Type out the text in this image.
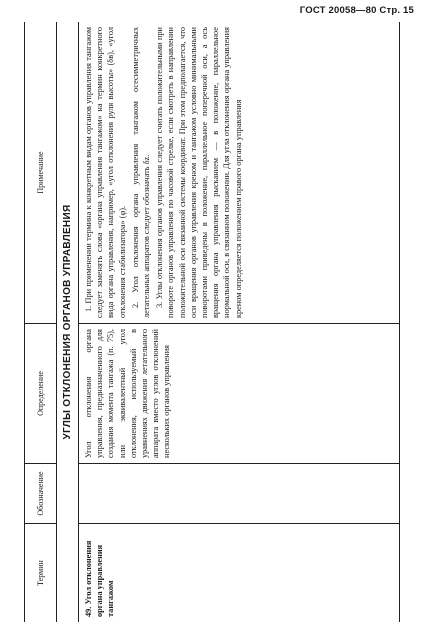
ГОСТ 20058—80 Стр. 15
Термин
Обозначение
Определение
Примечание
УГЛЫ ОТКЛОНЕНИЯ ОРГАНОВ УПРАВЛЕНИЯ
49. Угол отклонения органа управления тангажом
Угол отклонения органа управления, предназначенного для создания момента тангажа (п. 75), или эквивалентный угол отклонения, используемый в уравнениях движения летательного аппарата вместо углов отклонений нескольких органов управления

1. При применении термина к конкретным видам органов управления тангажом следует заменять слова «органа управления тангажом» на термин конкретного вида органа управления, например, «угол отклонения руля высоты» (δв), «угол отклонения стабилизатора» (φ). 2. Угол отклонения органа управления тангажом осесимметричных летательных аппаратов следует обозначать δz. 3. Углы отклонения органов управления следует считать положительными при повороте органов управления по часовой стрелке, если смотреть в направлении положительной оси связанной системы координат. При этом предполагается, что оси вращения органов управления креном и тангажом условно минимальными поворотами приведены в положение, параллельное поперечной оси, а ось вращения органа управления рысканием — в положение, параллельное нормальной оси, в связанном положении. Для угла отклонения органа управления креном определяется положением правого органа управления
